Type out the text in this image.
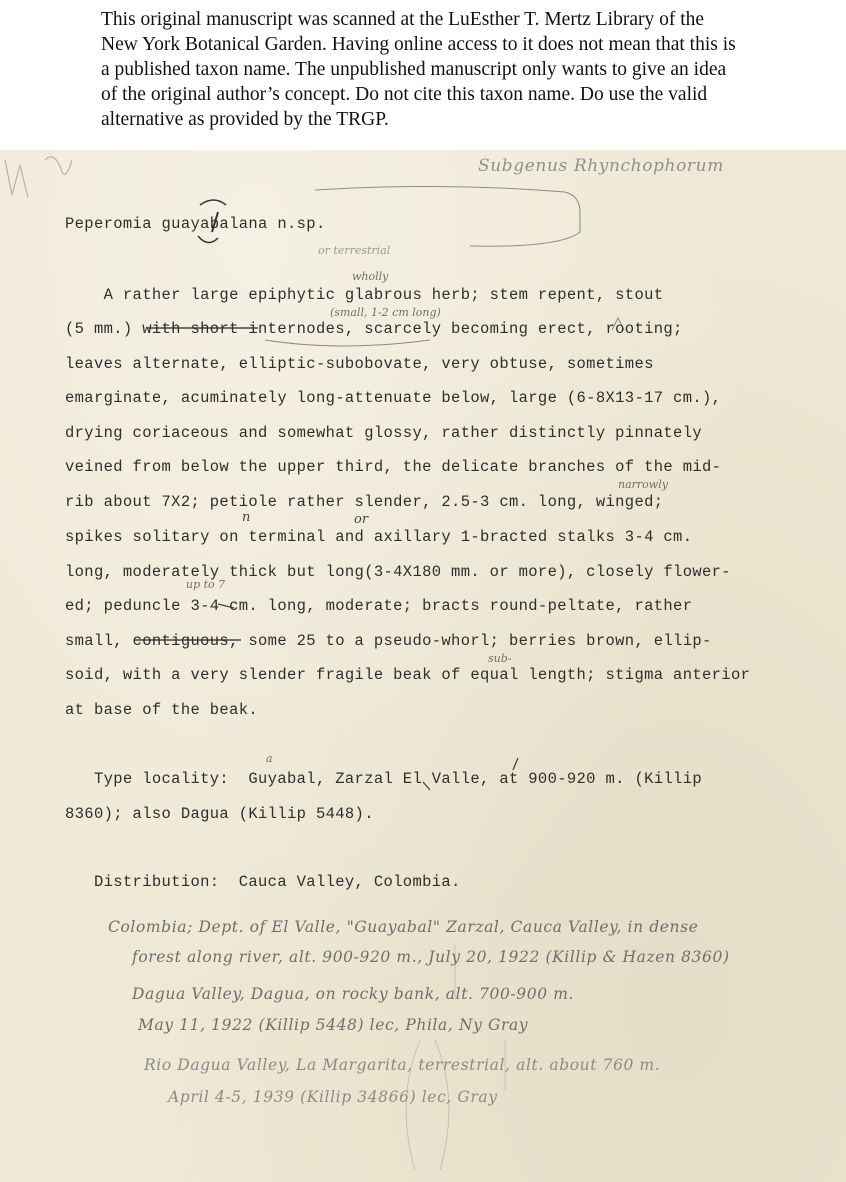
This original manuscript was scanned at the LuEsther T. Mertz Library of the New York Botanical Garden. Having online access to it does not mean that this is a published taxon name. The unpublished manuscript only wants to give an idea of the original author’s concept. Do not cite this taxon name. Do use the valid alternative as provided by the TRGP.

Subgenus Rhynchophorum
or terrestrial
wholly
(small, 1-2 cm long)
narrowly
n	or
up to 7
sub-
a
Peperomia guayabalana n.sp.
A rather large epiphytic glabrous herb; stem repent, stout
(5 mm.) with short internodes, scarcely becoming erect, rooting;
leaves alternate, elliptic-subobovate, very obtuse, sometimes
emarginate, acuminately long-attenuate below, large (6-8X13-17 cm.),
drying coriaceous and somewhat glossy, rather distinctly pinnately
veined from below the upper third, the delicate branches of the mid-
rib about 7X2; petiole rather slender, 2.5-3 cm. long, winged;
spikes solitary on terminal and axillary 1-bracted stalks 3-4 cm.
long, moderately thick but long(3-4X180 mm. or more), closely flower-
ed; peduncle 3-4 cm. long, moderate; bracts round-peltate, rather
small, contiguous, some 25 to a pseudo-whorl; berries brown, ellip-
soid, with a very slender fragile beak of equal length; stigma anterior
at base of the beak.
Type locality:  Guyabal, Zarzal El Valle, at 900-920 m. (Killip
8360); also Dagua (Killip 5448).
Distribution:  Cauca Valley, Colombia.
Colombia; Dept. of El Valle, "Guayabal" Zarzal, Cauca Valley, in dense
forest along river, alt. 900-920 m., July 20, 1922 (Killip & Hazen 8360)
Dagua Valley, Dagua, on rocky bank, alt. 700-900 m.
May 11, 1922 (Killip 5448) lec, Phila, Ny Gray
Rio Dagua Valley, La Margarita, terrestrial, alt. about 760 m.
April 4-5, 1939 (Killip 34866) lec, Gray
